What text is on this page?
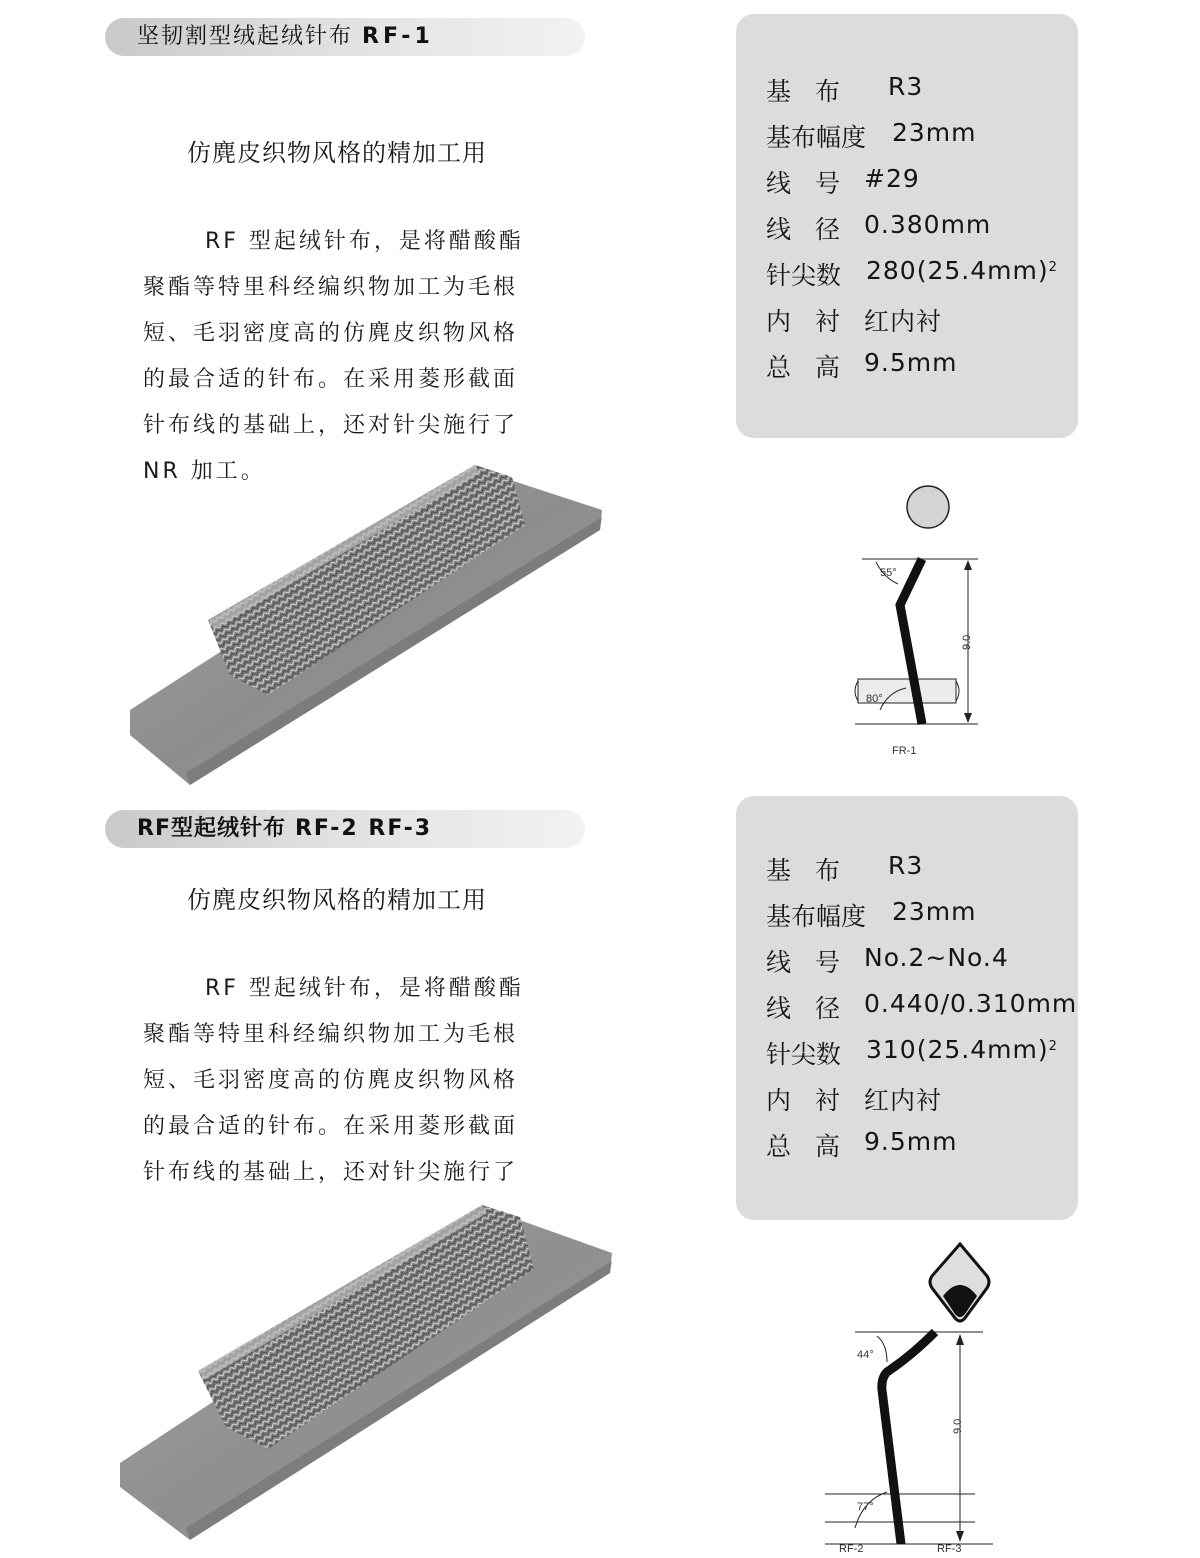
坚韧割型绒起绒针布 RF-1
仿麂皮织物风格的精加工用
RF 型起绒针布，是将醋酸酯
聚酯等特里科经编织物加工为毛根
短、毛羽密度高的仿麂皮织物风格
的最合适的针布。在采用菱形截面
针布线的基础上，还对针尖施行了
NR 加工。
基 布 R3
基布幅度 23mm
线 号 #29
线 径 0.380mm
针尖数 $280(25.4mm)^2$
内 衬 红内衬
总 高 9.5mm
9.0
55°
80°
FR-1
RF型起绒针布 RF-2 RF-3
仿麂皮织物风格的精加工用
RF 型起绒针布，是将醋酸酯
聚酯等特里科经编织物加工为毛根
短、毛羽密度高的仿麂皮织物风格
的最合适的针布。在采用菱形截面
针布线的基础上，还对针尖施行了
基 布 R3
基布幅度 23mm
线 号 No.2~No.4
线 径 0.440/0.310mm
针尖数 $310(25.4mm)^2$
内 衬 红内衬
总 高 9.5mm
9.0
44°
77°
RF-2	RF-3
